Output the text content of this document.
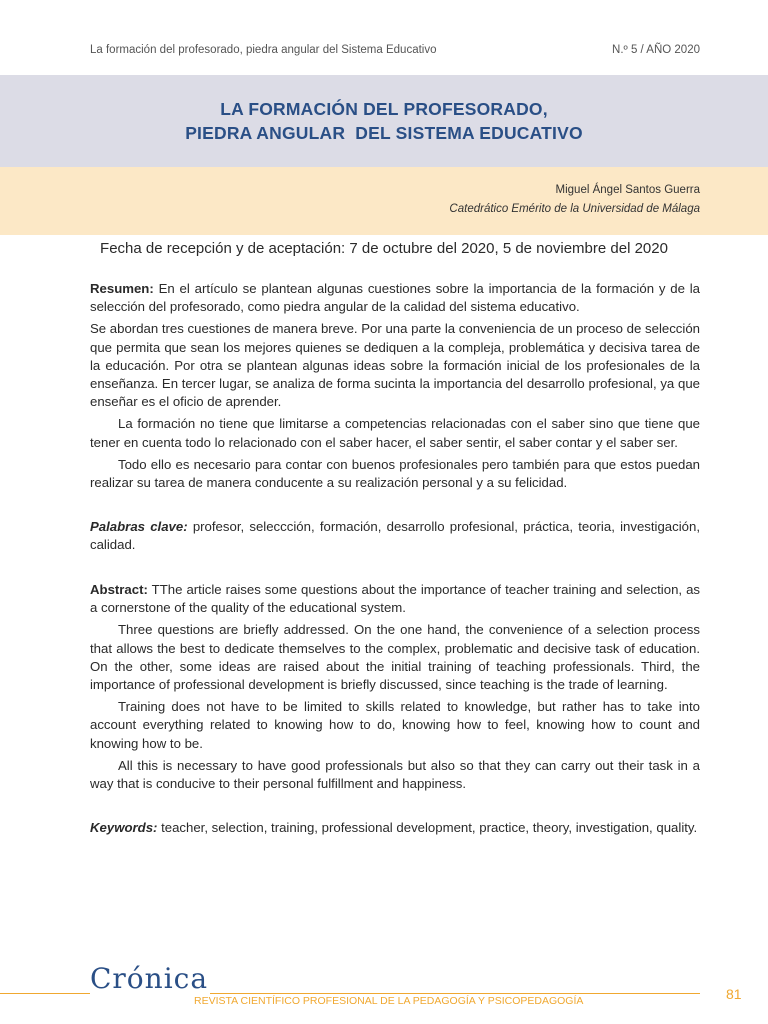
La formación del profesorado, piedra angular del Sistema Educativo	N.º 5 / AÑO 2020
LA FORMACIÓN DEL PROFESORADO,
PIEDRA ANGULAR  DEL SISTEMA EDUCATIVO
Miguel Ángel Santos Guerra
Catedrático Emérito de la Universidad de Málaga
Fecha de recepción y de aceptación: 7 de octubre del 2020, 5 de noviembre del 2020

Resumen: En el artículo se plantean algunas cuestiones sobre la importancia de la formación y de la selección del profesorado, como piedra angular de la calidad del sistema educativo.

Se abordan tres cuestiones de manera breve. Por una parte la conveniencia de un proceso de selección que permita que sean los mejores quienes se dediquen a la compleja, problemática y decisiva tarea de la educación. Por otra se plantean algunas ideas sobre la formación inicial de los profesionales de la enseñanza. En tercer lugar, se analiza de forma sucinta la importancia del desarrollo profesional, ya que enseñar es el oficio de aprender.

La formación no tiene que limitarse a competencias relacionadas con el saber sino que tiene que tener en cuenta todo lo relacionado con el saber hacer, el saber sentir, el saber contar y el saber ser.

Todo ello es necesario para contar con buenos profesionales pero también para que estos puedan realizar su tarea de manera conducente a su realización personal y a su felicidad.

Palabras clave: profesor, seleccción, formación, desarrollo profesional, práctica, teoria, investigación, calidad.

Abstract: TThe article raises some questions about the importance of teacher training and selection, as a cornerstone of the quality of the educational system.

Three questions are briefly addressed. On the one hand, the convenience of a selection process that allows the best to dedicate themselves to the complex, problematic and decisive task of education. On the other, some ideas are raised about the initial training of teaching professionals. Third, the importance of professional development is briefly discussed, since teaching is the trade of learning.

Training does not have to be limited to skills related to knowledge, but rather has to take into account everything related to knowing how to do, knowing how to feel, knowing how to count and knowing how to be.

All this is necessary to have good professionals but also so that they can carry out their task in a way that is conducive to their personal fulfillment and happiness.

Keywords: teacher, selection, training, professional development, practice, theory, investigation, quality.

Crónica
REVISTA CIENTÍFICO PROFESIONAL DE LA PEDAGOGÍA Y PSICOPEDAGOGÍA	81
